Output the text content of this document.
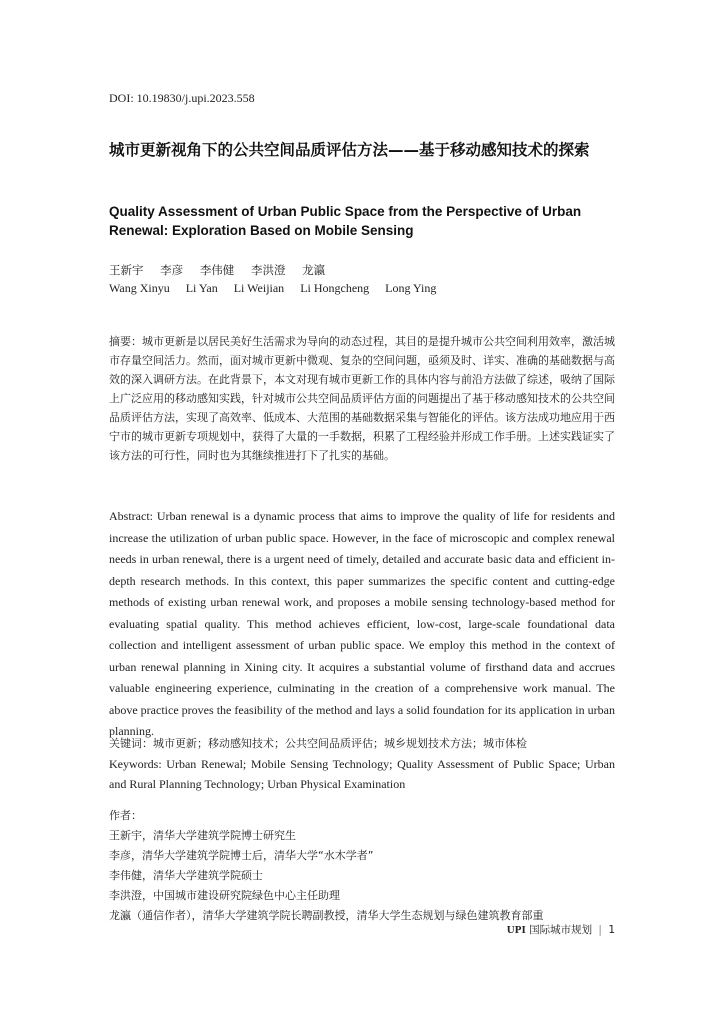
DOI: 10.19830/j.upi.2023.558
城市更新视角下的公共空间品质评估方法——基于移动感知技术的探索
Quality Assessment of Urban Public Space from the Perspective of Urban Renewal: Exploration Based on Mobile Sensing
王新宇 李彦 李伟健 李洪澄 龙瀛
Wang Xinyu Li Yan Li Weijian Li Hongcheng Long Ying

摘要：城市更新是以居民美好生活需求为导向的动态过程，其目的是提升城市公共空间利用效率，激活城市存量空间活力。然而，面对城市更新中微观、复杂的空间问题，亟须及时、详实、准确的基础数据与高效的深入调研方法。在此背景下，本文对现有城市更新工作的具体内容与前沿方法做了综述，吸纳了国际上广泛应用的移动感知实践，针对城市公共空间品质评估方面的问题提出了基于移动感知技术的公共空间品质评估方法，实现了高效率、低成本、大范围的基础数据采集与智能化的评估。该方法成功地应用于西宁市的城市更新专项规划中，获得了大量的一手数据，积累了工程经验并形成工作手册。上述实践证实了该方法的可行性，同时也为其继续推进打下了扎实的基础。

Abstract: Urban renewal is a dynamic process that aims to improve the quality of life for residents and increase the utilization of urban public space. However, in the face of microscopic and complex renewal needs in urban renewal, there is a urgent need of timely, detailed and accurate basic data and efficient in-depth research methods. In this context, this paper summarizes the specific content and cutting-edge methods of existing urban renewal work, and proposes a mobile sensing technology-based method for evaluating spatial quality. This method achieves efficient, low-cost, large-scale foundational data collection and intelligent assessment of urban public space. We employ this method in the context of urban renewal planning in Xining city. It acquires a substantial volume of firsthand data and accrues valuable engineering experience, culminating in the creation of a comprehensive work manual. The above practice proves the feasibility of the method and lays a solid foundation for its application in urban planning.

关键词：城市更新；移动感知技术；公共空间品质评估；城乡规划技术方法；城市体检
Keywords: Urban Renewal; Mobile Sensing Technology; Quality Assessment of Public Space; Urban and Rural Planning Technology; Urban Physical Examination
作者：
王新宇，清华大学建筑学院博士研究生
李彦，清华大学建筑学院博士后，清华大学“水木学者”
李伟健，清华大学建筑学院硕士
李洪澄，中国城市建设研究院绿色中心主任助理
龙瀛（通信作者），清华大学建筑学院长聘副教授，清华大学生态规划与绿色建筑教育部重
UPI 国际城市规划 | 1
